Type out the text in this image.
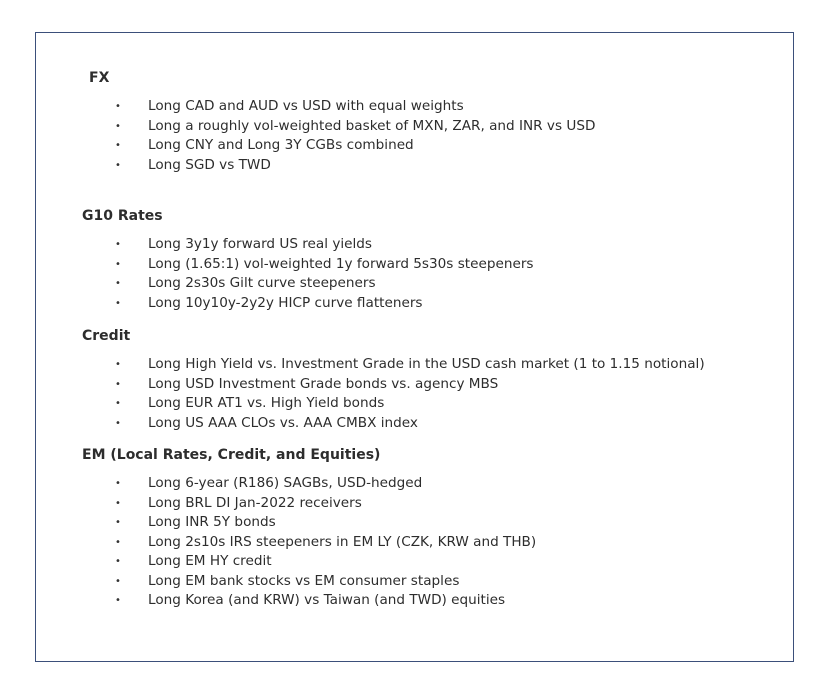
FX
• Long CAD and AUD vs USD with equal weights
• Long a roughly vol-weighted basket of MXN, ZAR, and INR vs USD
• Long CNY and Long 3Y CGBs combined
• Long SGD vs TWD
G10 Rates
• Long 3y1y forward US real yields
• Long (1.65:1) vol-weighted 1y forward 5s30s steepeners
• Long 2s30s Gilt curve steepeners
• Long 10y10y-2y2y HICP curve flatteners
Credit
• Long High Yield vs. Investment Grade in the USD cash market (1 to 1.15 notional)
• Long USD Investment Grade bonds vs. agency MBS
• Long EUR AT1 vs. High Yield bonds
• Long US AAA CLOs vs. AAA CMBX index
EM (Local Rates, Credit, and Equities)
• Long 6-year (R186) SAGBs, USD-hedged
• Long BRL DI Jan-2022 receivers
• Long INR 5Y bonds
• Long 2s10s IRS steepeners in EM LY (CZK, KRW and THB)
• Long EM HY credit
• Long EM bank stocks vs EM consumer staples
• Long Korea (and KRW) vs Taiwan (and TWD) equities
